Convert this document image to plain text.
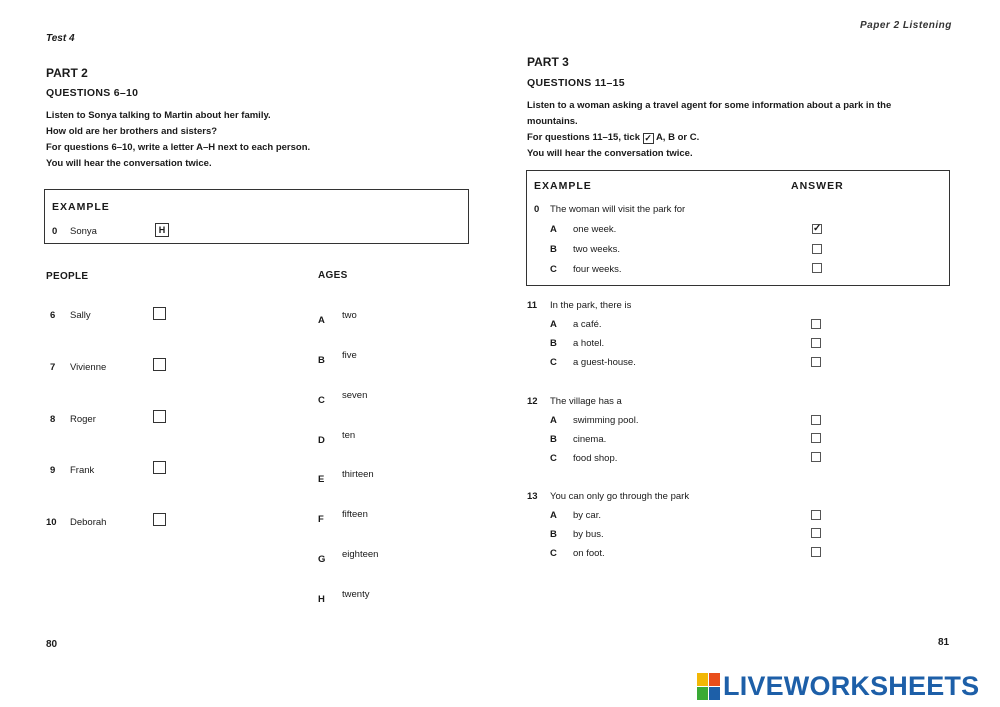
Test 4
PART 2
QUESTIONS 6–10
Listen to Sonya talking to Martin about her family.
How old are her brothers and sisters?
For questions 6–10, write a letter A–H next to each person.
You will hear the conversation twice.
EXAMPLE
0 Sonya	H
PEOPLE	AGES
6 Sally
7 Vivienne
8 Roger
9 Frank
10 Deborah
A two
B five
C seven
D ten
E thirteen
F fifteen
G eighteen
H twenty
80
Paper 2 Listening
PART 3
QUESTIONS 11–15
Listen to a woman asking a travel agent for some information about a park in the
mountains.
For questions 11–15, tick ✓ A, B or C.
You will hear the conversation twice.
EXAMPLE	ANSWER
0 The woman will visit the park for
A one week.	✓
B two weeks.
C four weeks.
11 In the park, there is
A a café.
B a hotel.
C a guest-house.
12 The village has a
A swimming pool.
B cinema.
C food shop.
13 You can only go through the park
A by car.
B by bus.
C on foot.
81
LIVEWORKSHEETS
